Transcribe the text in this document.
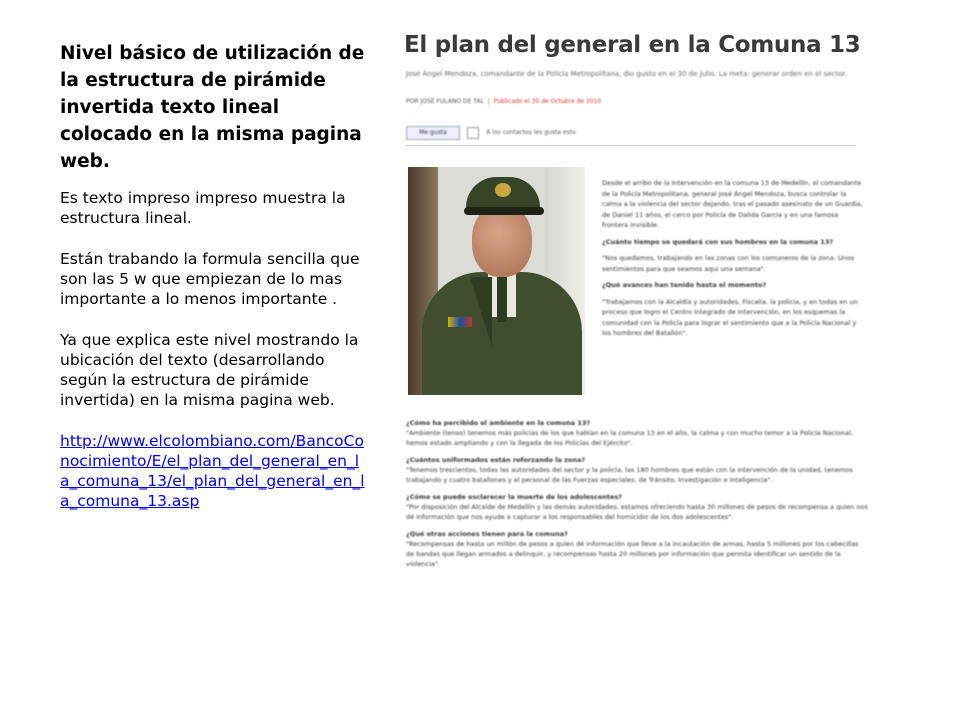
Nivel básico de utilización de la estructura de pirámide invertida texto lineal colocado en la misma pagina web.
Es texto impreso impreso muestra la estructura lineal.
Están trabando la formula sencilla que son las 5 w que empiezan de lo mas importante a lo menos importante .
Ya que explica este nivel mostrando la ubicación del texto (desarrollando según la estructura de pirámide invertida) en la misma pagina web.
http://www.elcolombiano.com/BancoConocimiento/E/el_plan_del_general_en_la_comuna_13/el_plan_del_general_en_la_comuna_13.asp
El plan del general en la Comuna 13
José Ángel Mendoza, comandante de la Policía Metropolitana, dio gusto en el 30 de Julio. La meta: generar orden en el sector.
POR JOSÉ FULANO DE TAL  |  Publicado el 30 de Octubre de 2010
Me gusta	A los contactos les gusta esto.

Desde el arribo de la Intervención en la comuna 13 de Medellín, el comandante de la Policía Metropolitana, general José Ángel Mendoza, busca controlar la calma a la violencia del sector dejando, tras el pasado asesinato de un Guardia, de Daniel 11 años, el cerco por Policía de Dalida García y en una famosa frontera invisible.

¿Cuánto tiempo se quedará con sus hombres en la comuna 13?

"Nos quedamos, trabajando en las zonas con los comuneros de la zona. Unos sentimientos para que seamos aquí una semana".

¿Qué avances han tenido hasta el momento?

"Trabajamos con la Alcaldía y autoridades, Fiscalía, la policía, y en todas en un proceso que logro el Centro Integrado de Intervención, en los esquemas la comunidad con la Policía para lograr el sentimiento que a la Policía Nacional y los hombres del Batallón".

¿Cómo ha percibido el ambiente en la comuna 13?

"Ambiente (tenso) tenemos más policías de los que habían en la comuna 13 en el año, la calma y con mucho temor a la Policía Nacional, hemos estado ampliando y con la llegada de los Policías del Ejército".

¿Cuántos uniformados están reforzando la zona?

"Tenemos trescientos, todas las autoridades del sector y la policía, las 180 hombres que están con la intervención de la unidad, tenemos trabajando y cuatro batallones y el personal de las Fuerzas especiales, de Tránsito, Investigación e Inteligencia".

¿Cómo se puede esclarecer la muerte de los adolescentes?

"Por disposición del Alcalde de Medellín y las demás autoridades, estamos ofreciendo hasta 30 millones de pesos de recompensa a quien nos dé información que nos ayude a capturar a los responsables del homicidio de los dos adolescentes".

¿Qué otras acciones tienen para la comuna?

"Recompensas de hasta un millón de pesos a quien dé información que lleve a la incautación de armas, hasta 5 millones por los cabecillas de bandas que llegan armados a delinquir, y recompensas hasta 20 millones por información que permita identificar un sentido de la violencia".
